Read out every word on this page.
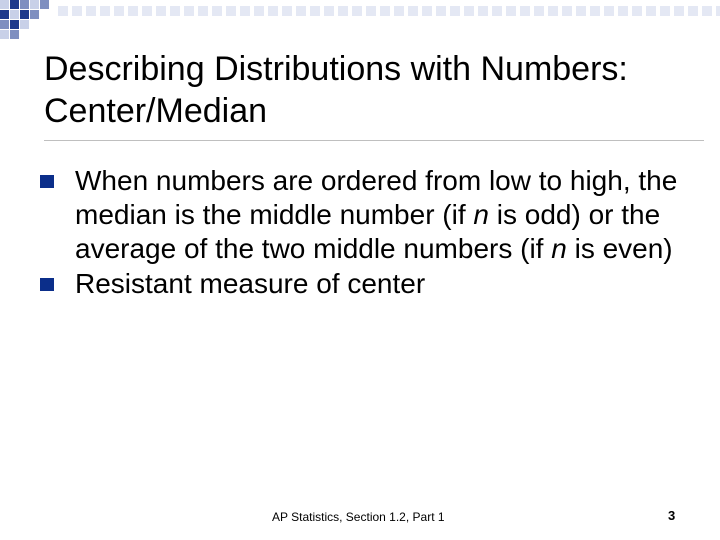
Describing Distributions with Numbers: Center/Median
When numbers are ordered from low to high, the median is the middle number (if n is odd) or the average of the two middle numbers (if n is even)
Resistant measure of center
AP Statistics, Section 1.2, Part 1	3
